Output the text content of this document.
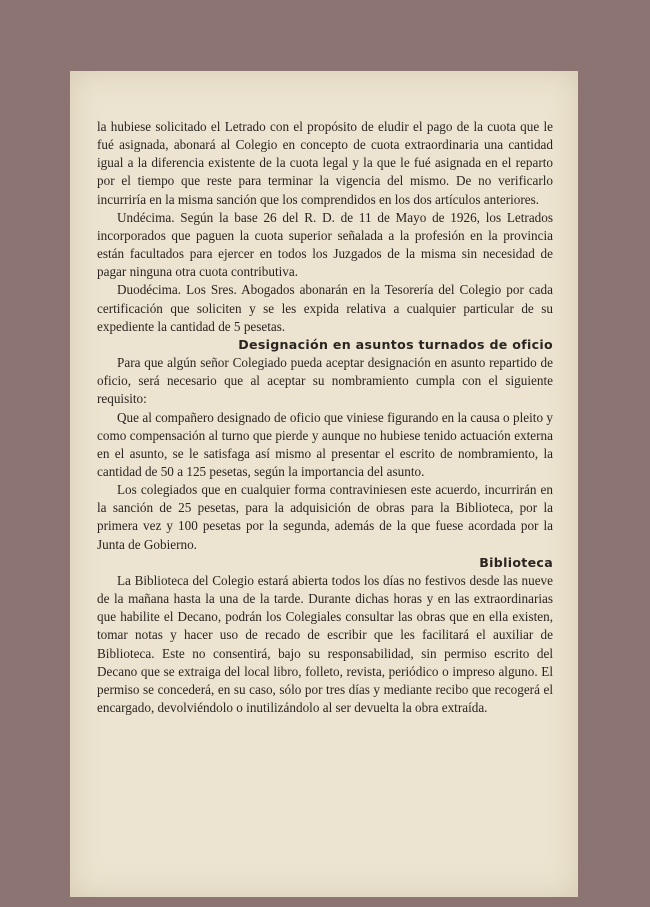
la hubiese solicitado el Letrado con el propósito de eludir el pago de la cuota que le fué asignada, abonará al Colegio en concepto de cuota extraordinaria una cantidad igual a la diferencia existente de la cuota legal y la que le fué asignada en el reparto por el tiempo que reste para terminar la vigencia del mismo. De no verificarlo incurriría en la misma sanción que los comprendidos en los dos artículos anteriores.

Undécima. Según la base 26 del R. D. de 11 de Mayo de 1926, los Letrados incorporados que paguen la cuota superior señalada a la profesión en la provincia están facultados para ejercer en todos los Juzgados de la misma sin necesidad de pagar ninguna otra cuota contributiva.

Duodécima. Los Sres. Abogados abonarán en la Tesorería del Colegio por cada certificación que soliciten y se les expida relativa a cualquier particular de su expediente la cantidad de 5 pesetas.

Designación en asuntos turnados de oficio

Para que algún señor Colegiado pueda aceptar designación en asunto repartido de oficio, será necesario que al aceptar su nombramiento cumpla con el siguiente requisito:

Que al compañero designado de oficio que viniese figurando en la causa o pleito y como compensación al turno que pierde y aunque no hubiese tenido actuación externa en el asunto, se le satisfaga así mismo al presentar el escrito de nombramiento, la cantidad de 50 a 125 pesetas, según la importancia del asunto.

Los colegiados que en cualquier forma contraviniesen este acuerdo, incurrirán en la sanción de 25 pesetas, para la adquisición de obras para la Biblioteca, por la primera vez y 100 pesetas por la segunda, además de la que fuese acordada por la Junta de Gobierno.

Biblioteca

La Biblioteca del Colegio estará abierta todos los días no festivos desde las nueve de la mañana hasta la una de la tarde. Durante dichas horas y en las extraordinarias que habilite el Decano, podrán los Colegiales consultar las obras que en ella existen, tomar notas y hacer uso de recado de escribir que les facilitará el auxiliar de Biblioteca. Este no consentirá, bajo su responsabilidad, sin permiso escrito del Decano que se extraiga del local libro, folleto, revista, periódico o impreso alguno. El permiso se concederá, en su caso, sólo por tres días y mediante recibo que recogerá el encargado, devolviéndolo o inutilizándolo al ser devuelta la obra extraída.
